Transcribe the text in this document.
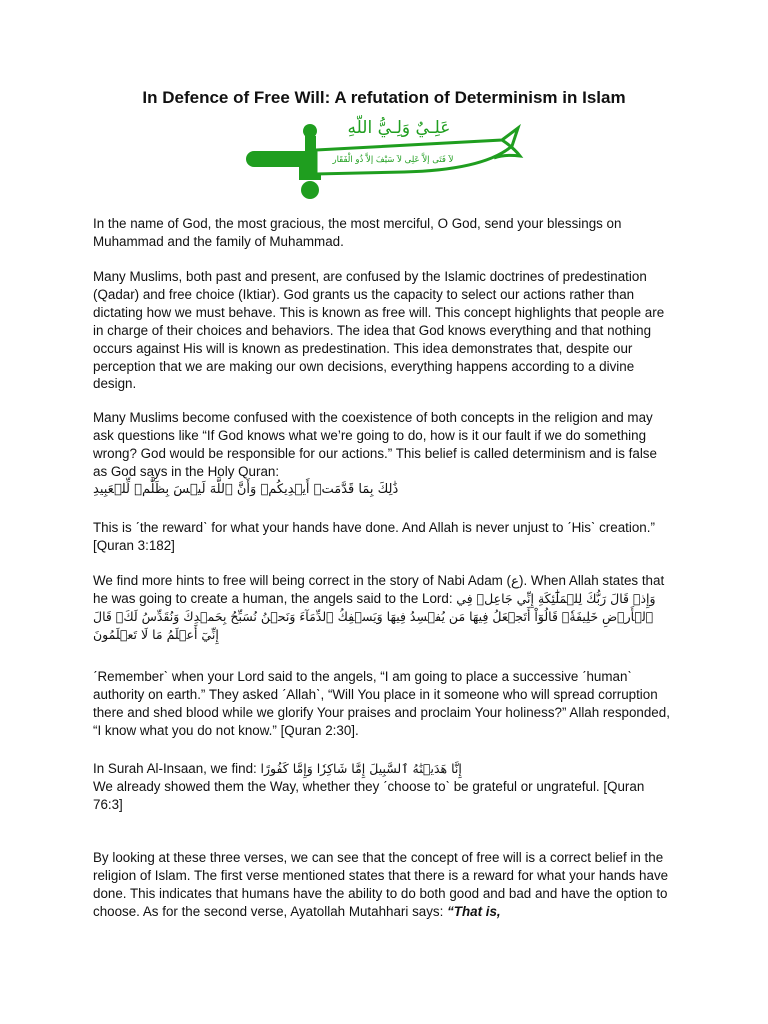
In Defence of Free Will: A refutation of Determinism in Islam
عَلِـيٌ وَلِـيُّ اللّهِ
لاَ فَتَى إلاَّ عَلِى لاَ سَيْفَ إلاَّ ذُو الْفَقَار

In the name of God, the most gracious, the most merciful, O God, send your blessings on Muhammad and the family of Muhammad.

Many Muslims, both past and present, are confused by the Islamic doctrines of predestination (Qadar) and free choice (Iktiar). God grants us the capacity to select our actions rather than dictating how we must behave. This is known as free will. This concept highlights that people are in charge of their choices and behaviors. The idea that God knows everything and that nothing occurs against His will is known as predestination. This idea demonstrates that, despite our perception that we are making our own decisions, everything happens according to a divine design.

Many Muslims become confused with the coexistence of both concepts in the religion and may ask questions like “If God knows what we’re going to do, how is it our fault if we do something wrong? God would be responsible for our actions.” This belief is called determinism and is false as God says in the Holy Quran:

ذَٰلِكَ بِمَا قَدَّمَتۡ أَيۡدِيكُمۡ وَأَنَّ ٱللَّهَ لَيۡسَ بِظَلَّٰمٖ لِّلۡعَبِيدِ

This is ˊthe rewardˋ for what your hands have done. And Allah is never unjust to ˊHisˋ creation.” [Quran 3:182]

We find more hints to free will being correct in the story of Nabi Adam (ع). When Allah states that he was going to create a human, the angels said to the Lord: وَإِذۡ قَالَ رَبُّكَ لِلۡمَلَٰٓئِكَةِ إِنِّي جَاعِلٞ فِي ٱلۡأَرۡضِ خَلِيفَةٗۖ قَالُوٓاْ أَتَجۡعَلُ فِيهَا مَن يُفۡسِدُ فِيهَا وَيَسۡفِكُ ٱلدِّمَآءَ وَنَحۡنُ نُسَبِّحُ بِحَمۡدِكَ وَنُقَدِّسُ لَكَۖ قَالَ إِنِّيٓ أَعۡلَمُ مَا لَا تَعۡلَمُونَ

ˊRememberˋ when your Lord said to the angels, “I am going to place a successive ˊhumanˋ authority on earth.” They asked ˊAllahˋ, “Will You place in it someone who will spread corruption there and shed blood while we glorify Your praises and proclaim Your holiness?” Allah responded, “I know what you do not know.” [Quran 2:30].

In Surah Al-Insaan, we find: إِنَّا هَدَيۡنَٰهُ ٱلسَّبِيلَ إِمَّا شَاكِرٗا وَإِمَّا كَفُورًا

We already showed them the Way, whether they ˊchoose toˋ be grateful or ungrateful. [Quran 76:3]

By looking at these three verses, we can see that the concept of free will is a correct belief in the religion of Islam. The first verse mentioned states that there is a reward for what your hands have done. This indicates that humans have the ability to do both good and bad and have the option to choose. As for the second verse, Ayatollah Mutahhari says: “That is,
